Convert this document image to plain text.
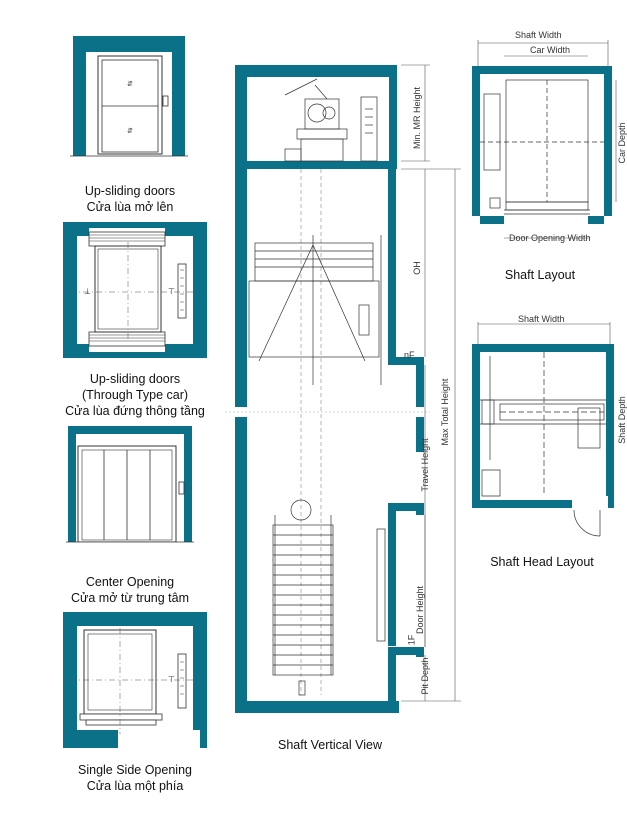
⇵
⇵
Up-sliding doors
Cửa lùa mở lên
⊥	⊤
Up-sliding doors
(Through Type car)
Cửa lùa đứng thông tầng
Center Opening
Cửa mở từ trung tâm
⊤
Single Side Opening
Cửa lùa một phía
Min. MR Height
OH
nF
Max Total Height
Travel Height
Door Height
1F
Pit Depth
Shaft Vertical View
Shaft Width
Car Width
Car Depth
Door Opening Width
Shaft Layout
Shaft Width
Shaft Depth
Shaft Head Layout
